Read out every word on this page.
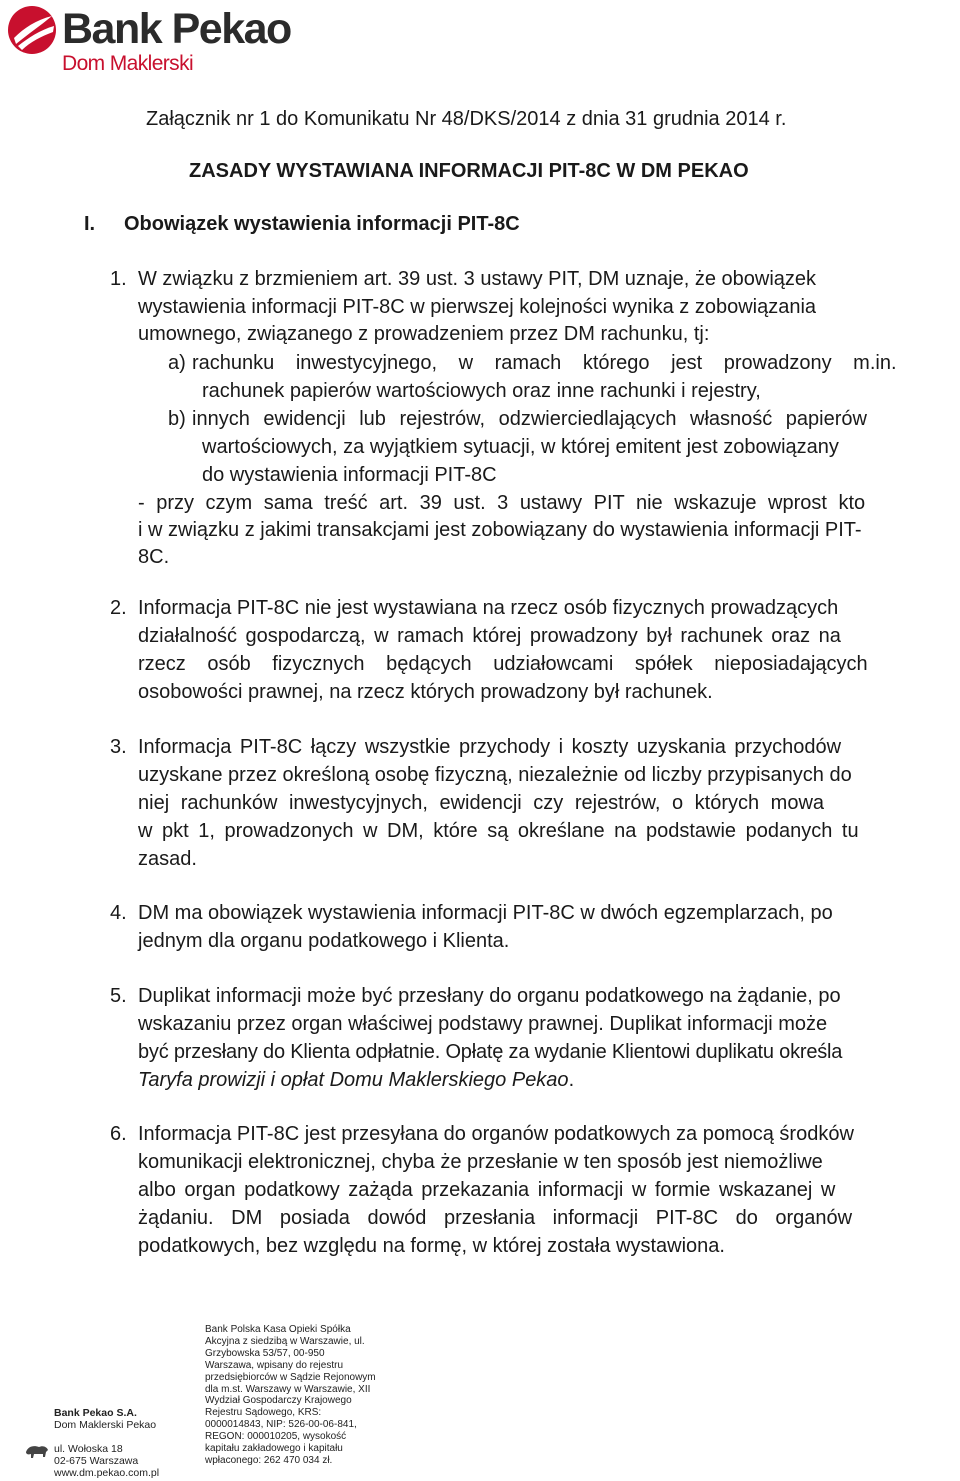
Bank Pekao
Dom Maklerski
Załącznik nr 1 do Komunikatu Nr 48/DKS/2014 z dnia 31 grudnia 2014 r.
ZASADY WYSTAWIANA INFORMACJI PIT-8C W DM PEKAO
I. Obowiązek wystawienia informacji PIT-8C
1. W związku z brzmieniem art. 39 ust. 3 ustawy PIT, DM uznaje, że obowiązek
wystawienia informacji PIT-8C w pierwszej kolejności wynika z zobowiązania
umownego, związanego z prowadzeniem przez DM rachunku, tj:
a) rachunku inwestycyjnego, w ramach którego jest prowadzony m.in.
rachunek papierów wartościowych oraz inne rachunki i rejestry,
b) innych ewidencji lub rejestrów, odzwierciedlających własność papierów
wartościowych, za wyjątkiem sytuacji, w której emitent jest zobowiązany
do wystawienia informacji PIT-8C
- przy czym sama treść art. 39 ust. 3 ustawy PIT nie wskazuje wprost kto
i w związku z jakimi transakcjami jest zobowiązany do wystawienia informacji PIT-
8C.
2. Informacja PIT-8C nie jest wystawiana na rzecz osób fizycznych prowadzących
działalność gospodarczą, w ramach której prowadzony był rachunek oraz na
rzecz osób fizycznych będących udziałowcami spółek nieposiadających
osobowości prawnej, na rzecz których prowadzony był rachunek.
3. Informacja PIT-8C łączy wszystkie przychody i koszty uzyskania przychodów
uzyskane przez określoną osobę fizyczną, niezależnie od liczby przypisanych do
niej rachunków inwestycyjnych, ewidencji czy rejestrów, o których mowa
w pkt 1, prowadzonych w DM, które są określane na podstawie podanych tu
zasad.
4. DM ma obowiązek wystawienia informacji PIT-8C w dwóch egzemplarzach, po
jednym dla organu podatkowego i Klienta.
5. Duplikat informacji może być przesłany do organu podatkowego na żądanie, po
wskazaniu przez organ właściwej podstawy prawnej. Duplikat informacji może
być przesłany do Klienta odpłatnie. Opłatę za wydanie Klientowi duplikatu określa
Taryfa prowizji i opłat Domu Maklerskiego Pekao.
6. Informacja PIT-8C jest przesyłana do organów podatkowych za pomocą środków
komunikacji elektronicznej, chyba że przesłanie w ten sposób jest niemożliwe
albo organ podatkowy zażąda przekazania informacji w formie wskazanej w
żądaniu. DM posiada dowód przesłania informacji PIT-8C do organów
podatkowych, bez względu na formę, w której została wystawiona.
Bank Pekao S.A.
Dom Maklerski Pekao
ul. Wołoska 18
02-675 Warszawa
www.dm.pekao.com.pl
Bank Polska Kasa Opieki Spółka
Akcyjna z siedzibą w Warszawie, ul.
Grzybowska 53/57, 00-950
Warszawa, wpisany do rejestru
przedsiębiorców w Sądzie Rejonowym
dla m.st. Warszawy w Warszawie, XII
Wydział Gospodarczy Krajowego
Rejestru Sądowego, KRS:
0000014843, NIP: 526-00-06-841,
REGON: 000010205, wysokość
kapitału zakładowego i kapitału
wpłaconego: 262 470 034 zł.
